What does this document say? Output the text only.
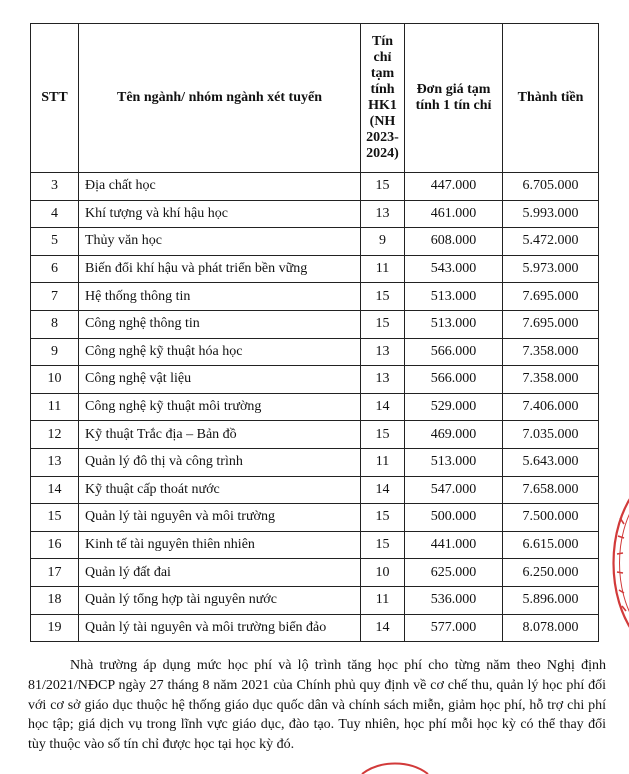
STT	Tên ngành/ nhóm ngành xét tuyển	Tín chỉ tạm tính HK1 (NH 2023-2024)	Đơn giá tạm tính 1 tín chỉ	Thành tiền
3	Địa chất học	15	447.000	6.705.000
4	Khí tượng và khí hậu học	13	461.000	5.993.000
5	Thủy văn học	9	608.000	5.472.000
6	Biến đổi khí hậu và phát triển bền vững	11	543.000	5.973.000
7	Hệ thống thông tin	15	513.000	7.695.000
8	Công nghệ thông tin	15	513.000	7.695.000
9	Công nghệ kỹ thuật hóa học	13	566.000	7.358.000
10	Công nghệ vật liệu	13	566.000	7.358.000
11	Công nghệ kỹ thuật môi trường	14	529.000	7.406.000
12	Kỹ thuật Trắc địa – Bản đồ	15	469.000	7.035.000
13	Quản lý đô thị và công trình	11	513.000	5.643.000
14	Kỹ thuật cấp thoát nước	14	547.000	7.658.000
15	Quản lý tài nguyên và môi trường	15	500.000	7.500.000
16	Kinh tế tài nguyên thiên nhiên	15	441.000	6.615.000
17	Quản lý đất đai	10	625.000	6.250.000
18	Quản lý tổng hợp tài nguyên nước	11	536.000	5.896.000
19	Quản lý tài nguyên và môi trường biển đảo	14	577.000	8.078.000

Nhà trường áp dụng mức học phí và lộ trình tăng học phí cho từng năm theo Nghị định 81/2021/NĐCP ngày 27 tháng 8 năm 2021 của Chính phủ quy định về cơ chế thu, quản lý học phí đối với cơ sở giáo dục thuộc hệ thống giáo dục quốc dân và chính sách miễn, giảm học phí, hỗ trợ chi phí học tập; giá dịch vụ trong lĩnh vực giáo dục, đào tạo. Tuy nhiên, học phí mỗi học kỳ có thể thay đổi tùy thuộc vào số tín chỉ được học tại học kỳ đó.
